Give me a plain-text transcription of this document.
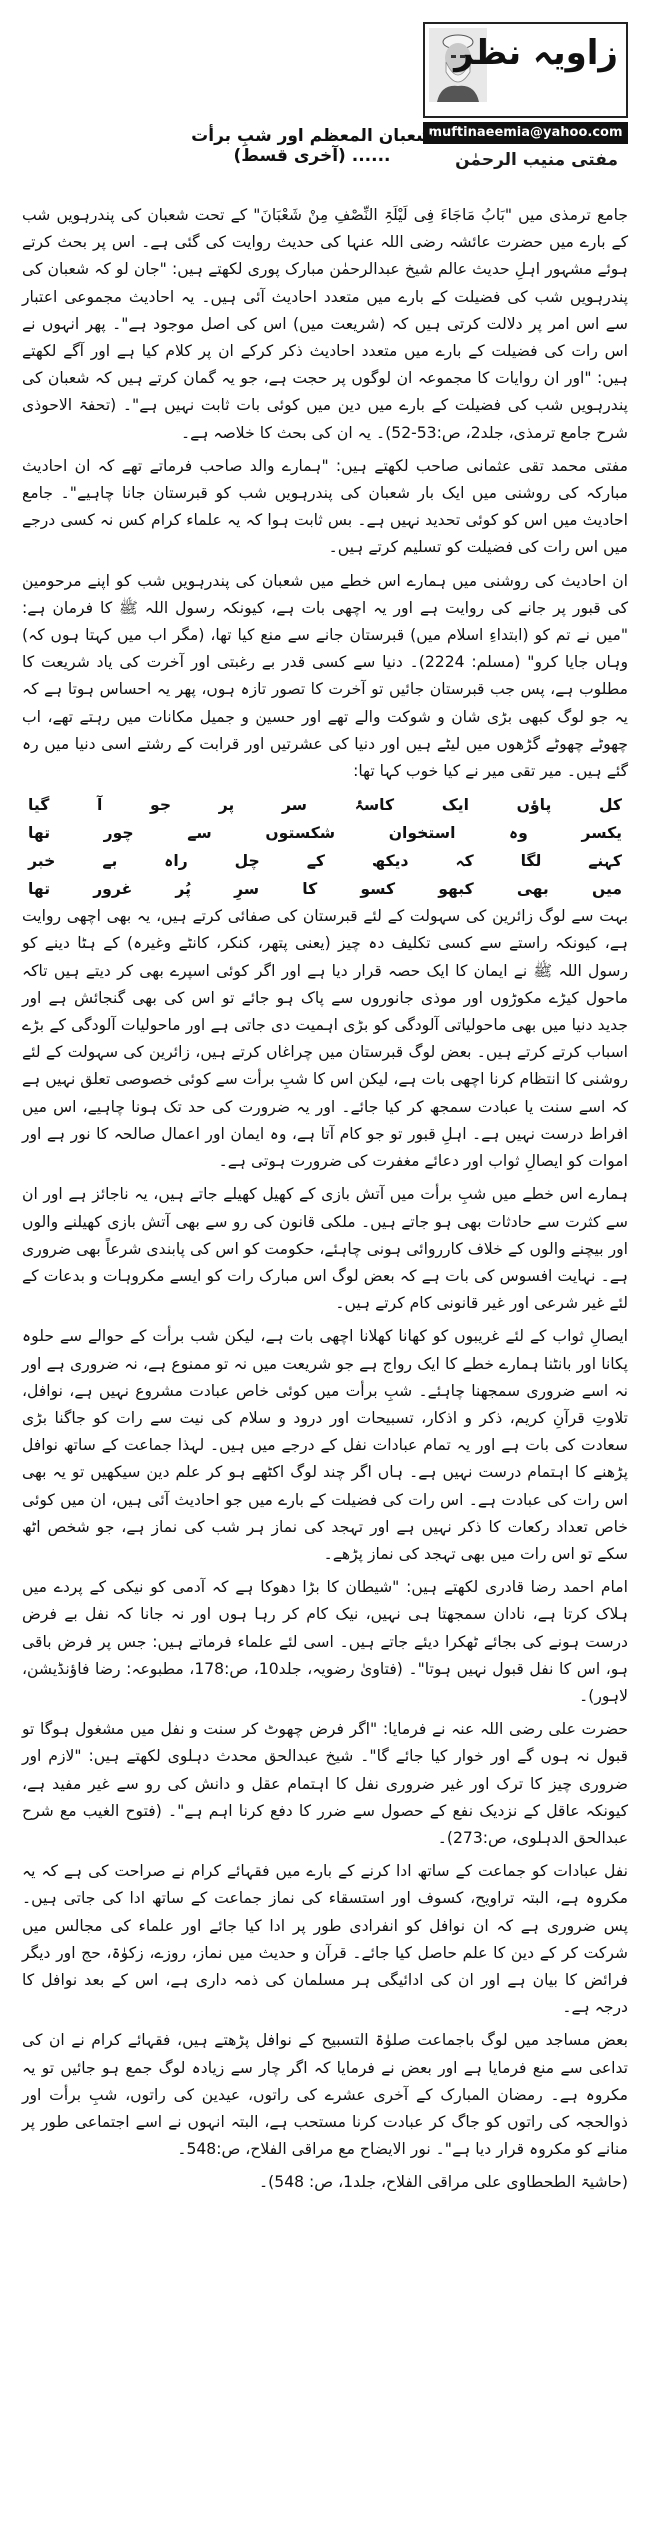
زاویہ نظر
muftinaeemia@yahoo.com
مفتی منیب الرحمٰن
شعبان المعظم اور شبِ برأت ...... (آخری قسط)

جامع ترمذی میں "بَابُ مَاجَاءَ فِی لَیْلَۃِ النِّصْفِ مِنْ شَعْبَانَ" کے تحت شعبان کی پندرہویں شب کے بارے میں حضرت عائشہ رضی اللہ عنہا کی حدیث روایت کی گئی ہے۔ اس پر بحث کرتے ہوئے مشہور اہلِ حدیث عالم شیخ عبدالرحمٰن مبارک پوری لکھتے ہیں: "جان لو کہ شعبان کی پندرہویں شب کی فضیلت کے بارے میں متعدد احادیث آئی ہیں۔ یہ احادیث مجموعی اعتبار سے اس امر پر دلالت کرتی ہیں کہ (شریعت میں) اس کی اصل موجود ہے"۔ پھر انہوں نے اس رات کی فضیلت کے بارے میں متعدد احادیث ذکر کرکے ان پر کلام کیا ہے اور آگے لکھتے ہیں: "اور ان روایات کا مجموعہ ان لوگوں پر حجت ہے، جو یہ گمان کرتے ہیں کہ شعبان کی پندرہویں شب کی فضیلت کے بارے میں دین میں کوئی بات ثابت نہیں ہے"۔ (تحفۃ الاحوذی شرح جامع ترمذی، جلد2، ص:53-52)۔ یہ ان کی بحث کا خلاصہ ہے۔

مفتی محمد تقی عثمانی صاحب لکھتے ہیں: "ہمارے والد صاحب فرماتے تھے کہ ان احادیث مبارکہ کی روشنی میں ایک بار شعبان کی پندرہویں شب کو قبرستان جانا چاہیے"۔ جامع احادیث میں اس کو کوئی تحدید نہیں ہے۔ بس ثابت ہوا کہ یہ علماء کرام کس نہ کسی درجے میں اس رات کی فضیلت کو تسلیم کرتے ہیں۔

ان احادیث کی روشنی میں ہمارے اس خطے میں شعبان کی پندرہویں شب کو اپنے مرحومین کی قبور پر جانے کی روایت ہے اور یہ اچھی بات ہے، کیونکہ رسول اللہ ﷺ کا فرمان ہے: "میں نے تم کو (ابتداءِ اسلام میں) قبرستان جانے سے منع کیا تھا، (مگر اب میں کہتا ہوں کہ) وہاں جایا کرو" (مسلم: 2224)۔ دنیا سے کسی قدر بے رغبتی اور آخرت کی یاد شریعت کا مطلوب ہے، پس جب قبرستان جائیں تو آخرت کا تصور تازہ ہوں، پھر یہ احساس ہوتا ہے کہ یہ جو لوگ کبھی بڑی شان و شوکت والے تھے اور حسین و جمیل مکانات میں رہتے تھے، اب چھوٹے چھوٹے گڑھوں میں لیٹے ہیں اور دنیا کی عشرتیں اور قرابت کے رشتے اسی دنیا میں رہ گئے ہیں۔ میر تقی میر نے کیا خوب کہا تھا:

کل
پاؤں
ایک
کاسۂ
سر
پر
جو
آ
گیا
یکسر
وہ
استخوان
شکستوں
سے
چور
تھا
کہنے
لگا
کہ
دیکھ
کے
چل
راہ
بے
خبر
میں
بھی
کبھو
کسو
کا
سرِ
پُر
غرور
تھا

بہت سے لوگ زائرین کی سہولت کے لئے قبرستان کی صفائی کرتے ہیں، یہ بھی اچھی روایت ہے، کیونکہ راستے سے کسی تکلیف دہ چیز (یعنی پتھر، کنکر، کانٹے وغیرہ) کے ہٹا دینے کو رسول اللہ ﷺ نے ایمان کا ایک حصہ قرار دیا ہے اور اگر کوئی اسپرے بھی کر دیتے ہیں تاکہ ماحول کیڑے مکوڑوں اور موذی جانوروں سے پاک ہو جائے تو اس کی بھی گنجائش ہے اور جدید دنیا میں بھی ماحولیاتی آلودگی کو بڑی اہمیت دی جاتی ہے اور ماحولیات آلودگی کے بڑے اسباب کرتے کرتے ہیں۔ بعض لوگ قبرستان میں چراغاں کرتے ہیں، زائرین کی سہولت کے لئے روشنی کا انتظام کرنا اچھی بات ہے، لیکن اس کا شبِ برأت سے کوئی خصوصی تعلق نہیں ہے کہ اسے سنت یا عبادت سمجھ کر کیا جائے۔ اور یہ ضرورت کی حد تک ہونا چاہیے، اس میں افراط درست نہیں ہے۔ اہلِ قبور تو جو کام آتا ہے، وہ ایمان اور اعمال صالحہ کا نور ہے اور اموات کو ایصالِ ثواب اور دعائے مغفرت کی ضرورت ہوتی ہے۔

ہمارے اس خطے میں شبِ برأت میں آتش بازی کے کھیل کھیلے جاتے ہیں، یہ ناجائز ہے اور ان سے کثرت سے حادثات بھی ہو جاتے ہیں۔ ملکی قانون کی رو سے بھی آتش بازی کھیلنے والوں اور بیچنے والوں کے خلاف کارروائی ہونی چاہئے، حکومت کو اس کی پابندی شرعاً بھی ضروری ہے۔ نہایت افسوس کی بات ہے کہ بعض لوگ اس مبارک رات کو ایسے مکروہات و بدعات کے لئے غیر شرعی اور غیر قانونی کام کرتے ہیں۔

ایصالِ ثواب کے لئے غریبوں کو کھانا کھلانا اچھی بات ہے، لیکن شب برأت کے حوالے سے حلوہ پکانا اور بانٹنا ہمارے خطے کا ایک رواج ہے جو شریعت میں نہ تو ممنوع ہے، نہ ضروری ہے اور نہ اسے ضروری سمجھنا چاہئے۔ شبِ برأت میں کوئی خاص عبادت مشروع نہیں ہے، نوافل، تلاوتِ قرآنِ کریم، ذکر و اذکار، تسبیحات اور درود و سلام کی نیت سے رات کو جاگنا بڑی سعادت کی بات ہے اور یہ تمام عبادات نفل کے درجے میں ہیں۔ لہذا جماعت کے ساتھ نوافل پڑھنے کا اہتمام درست نہیں ہے۔ ہاں اگر چند لوگ اکٹھے ہو کر علم دین سیکھیں تو یہ بھی اس رات کی عبادت ہے۔ اس رات کی فضیلت کے بارے میں جو احادیث آئی ہیں، ان میں کوئی خاص تعداد رکعات کا ذکر نہیں ہے اور تہجد کی نماز ہر شب کی نماز ہے، جو شخص اٹھ سکے تو اس رات میں بھی تہجد کی نماز پڑھے۔

امام احمد رضا قادری لکھتے ہیں: "شیطان کا بڑا دھوکا ہے کہ آدمی کو نیکی کے پردے میں ہلاک کرتا ہے، نادان سمجھتا ہی نہیں، نیک کام کر رہا ہوں اور نہ جانا کہ نفل بے فرض درست ہونے کی بجائے ٹھکرا دیئے جاتے ہیں۔ اسی لئے علماء فرماتے ہیں: جس پر فرض باقی ہو، اس کا نفل قبول نہیں ہوتا"۔ (فتاویٰ رضویہ، جلد10، ص:178، مطبوعہ: رضا فاؤنڈیشن، لاہور)۔

حضرت علی رضی اللہ عنہ نے فرمایا: "اگر فرض چھوٹ کر سنت و نفل میں مشغول ہوگا تو قبول نہ ہوں گے اور خوار کیا جائے گا"۔ شیخ عبدالحق محدث دہلوی لکھتے ہیں: "لازم اور ضروری چیز کا ترک اور غیر ضروری نفل کا اہتمام عقل و دانش کی رو سے غیر مفید ہے، کیونکہ عاقل کے نزدیک نفع کے حصول سے ضرر کا دفع کرنا اہم ہے"۔ (فتوح الغیب مع شرح عبدالحق الدہلوی، ص:273)۔

نفل عبادات کو جماعت کے ساتھ ادا کرنے کے بارے میں فقہائے کرام نے صراحت کی ہے کہ یہ مکروہ ہے، البتہ تراویح، کسوف اور استسقاء کی نماز جماعت کے ساتھ ادا کی جاتی ہیں۔ پس ضروری ہے کہ ان نوافل کو انفرادی طور پر ادا کیا جائے اور علماء کی مجالس میں شرکت کر کے دین کا علم حاصل کیا جائے۔ قرآن و حدیث میں نماز، روزے، زکوٰۃ، حج اور دیگر فرائض کا بیان ہے اور ان کی ادائیگی ہر مسلمان کی ذمہ داری ہے، اس کے بعد نوافل کا درجہ ہے۔

بعض مساجد میں لوگ باجماعت صلوٰۃ التسبیح کے نوافل پڑھتے ہیں، فقہائے کرام نے ان کی تداعی سے منع فرمایا ہے اور بعض نے فرمایا کہ اگر چار سے زیادہ لوگ جمع ہو جائیں تو یہ مکروہ ہے۔ رمضان المبارک کے آخری عشرے کی راتوں، عیدین کی راتوں، شبِ برأت اور ذوالحجہ کی راتوں کو جاگ کر عبادت کرنا مستحب ہے، البتہ انہوں نے اسے اجتماعی طور پر منانے کو مکروہ قرار دیا ہے"۔ نور الایضاح مع مراقی الفلاح، ص:548۔

(حاشیۃ الطحطاوی علی مراقی الفلاح، جلد1، ص: 548)۔
